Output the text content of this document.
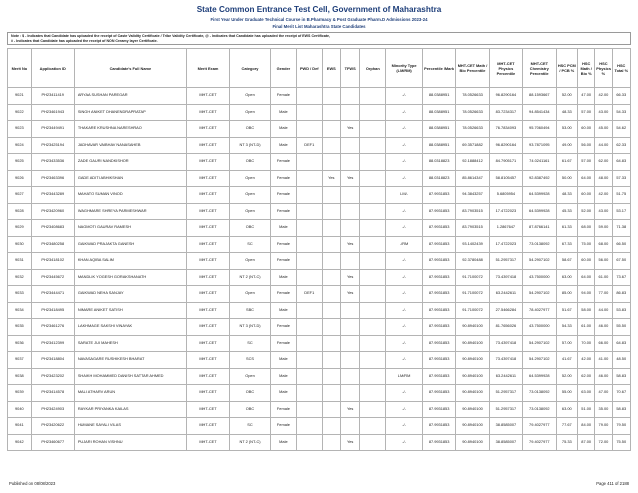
State Common Entrance Test Cell, Government of Maharashtra
First Year Under Graduate Technical Course in B.Pharmacy & Post Graduate Pharm.D Admissions 2023-24
Final Merit List Maharashtra State Candidates
Note : $ - Indicates that Candidate has uploaded the receipt of Caste Validity Certificate / Tribe Validity Certificate, @ - Indicates that Candidate has uploaded the receipt of EWS Certificate,
# - Indicates that Candidate has uploaded the receipt of NON Creamy layer Certificate.
Merit No	Application ID	Candidate's Full Name	Merit Exam	Category	Gender	PWD / Def	EWS	TFWS	Orphan	Minority Type (LM/RM)	Percentile /Mark	MHT-CET Math / Bio Percentile	MHT-CET Physics Percentile	MHT-CET Chemistry Percentile	HSC PCM / PCB %	HSC Math / Bio %	HSC Physics %	HSC Total %
9021	PH23411419	ARYAA SUSHAN PAREGAR	MHT-CET	Open	Female					-/-	88.0388951	78.0526633	96.8290164	88.1593667	52.00	47.00	42.00	66.33
9022	PH23461943	SINGH ANIKET DHANENDRAPRATAP	MHT-CET	Open	Male					-/-	88.0388951	78.0526633	83.7234317	94.8541434	48.33	57.00	43.00	54.33
9023	PH23449491	THAKARE KRUSHNA NARESHRAO	MHT-CET	OBC	Male			Yes		-/-	88.0388951	78.0526633	76.7834093	95.7060494	53.00	60.00	45.00	54.62
9024	PH23425194	JADHAVAR VAIBHAV NANASAHEB	MHT-CET	NT 3 (NT-D)	Male	DEF1				-/-	88.0388951	69.3571882	96.8290164	93.7871095	49.00	56.00	44.00	62.33
9025	PH23433536	ZADE GAURI NANDKISHOR	MHT-CET	OBC	Female					-/-	88.0318823	92.1888412	84.7905171	74.0241161	61.67	57.00	62.00	64.83
9026	PH23463396	GADE ADITI ABHIKSHAN	MHT-CET	Open	Female		Yes	Yes		-/-	88.0318823	85.8614347	58.8105457	92.8387492	50.00	64.00	48.00	57.33
9027	PH23443289	MAHATO SUMAN VINOD	MHT-CET	Open	Female					LM/-	87.9931853	94.3843257	5.6805954	64.5399928	48.33	60.00	42.00	51.75
9028	PH23420960	WAGHMARE SHREYA PARMESHWAR	MHT-CET	Open	Female					-/-	87.9931853	83.7903515	17.4722023	64.5399928	45.33	52.00	43.00	53.17
9029	PH23408683	NAGMOTI GAURAV RAMESH	MHT-CET	OBC	Male					-/-	87.9931853	83.7903515	1.2867647	87.8766141	61.33	68.00	59.00	71.38
9030	PH23480258	GAIKWAD PRAJAKTA GANESH	MHT-CET	SC	Female			Yes		-/RM	87.9931853	93.1402439	17.4722023	73.0138092	67.33	75.00	68.00	66.50
9031	PH23418102	KHAN AQIBA SALIM	MHT-CET	Open	Female					-/-	87.9931853	92.3780488	51.2957317	54.2907102	58.67	60.00	56.00	67.50
9032	PH23445672	MANDLIK YOGESH GORAKSHANATH	MHT-CET	NT 2 (NT-C)	Male			Yes		-/-	87.9931853	91.7100072	73.4397418	43.7500000	63.00	64.00	61.00	73.67
9033	PH23444471	GAIKWAD NEHA SANJAY	MHT-CET	Open	Female	DEF1		Yes		-/-	87.9931853	91.7100072	63.2442611	54.2907102	85.00	94.00	77.00	86.83
9034	PH23418495	NIMARE ANIKET SATISH	MHT-CET	SBC	Male					-/-	87.9931853	91.7100072	27.5466284	78.4027977	51.67	58.00	44.00	53.83
9035	PH23461276	LAKHMAGE SAKSHI VINAYAK	MHT-CET	NT 3 (NT-D)	Female					-/-	87.9931853	90.8940100	81.7656026	43.7500000	54.33	61.00	46.00	55.50
9036	PH23412399	SARATE JUI MAHESH	MHT-CET	SC	Female					-/-	87.9931853	90.8940100	73.4397418	54.2907102	57.00	70.00	66.00	64.83
9037	PH23418804	NAVASAGARE RUSHIKESH BHARAT	MHT-CET	SCS	Male					-/-	87.9931853	90.8940100	73.4397418	54.2907102	41.67	42.00	41.00	48.50
9038	PH23423202	SHAIKH MOHAMMED DANISH SATTAR AHMED	MHT-CET	Open	Male					LM/RM	87.9931853	90.8940100	63.2442611	64.5399928	52.00	62.00	46.00	58.83
9039	PH23414578	MALI ATHARV ARUN	MHT-CET	OBC	Male					-/-	87.9931853	90.8940100	51.2957317	73.0138092	55.00	63.00	47.00	70.67
9040	PH23424903	RAYKAR PRIYANKA KAILAS	MHT-CET	OBC	Female			Yes		-/-	87.9931853	90.8940100	51.2957317	73.0138092	63.00	51.00	35.00	58.83
9041	PH23420622	HUMANE SAYALI VILAS	MHT-CET	SC	Female					-/-	87.9931853	90.8940100	38.8585007	79.4027977	77.67	84.00	79.00	79.50
9042	PH23460677	PUJARI ROHAN VISHNU	MHT-CET	NT 2 (NT-C)	Male			Yes		-/-	87.9931853	90.8940100	38.8585007	79.4027977	75.33	87.00	72.00	75.50
Published on 08/08/2023	Page 411 of 2188
